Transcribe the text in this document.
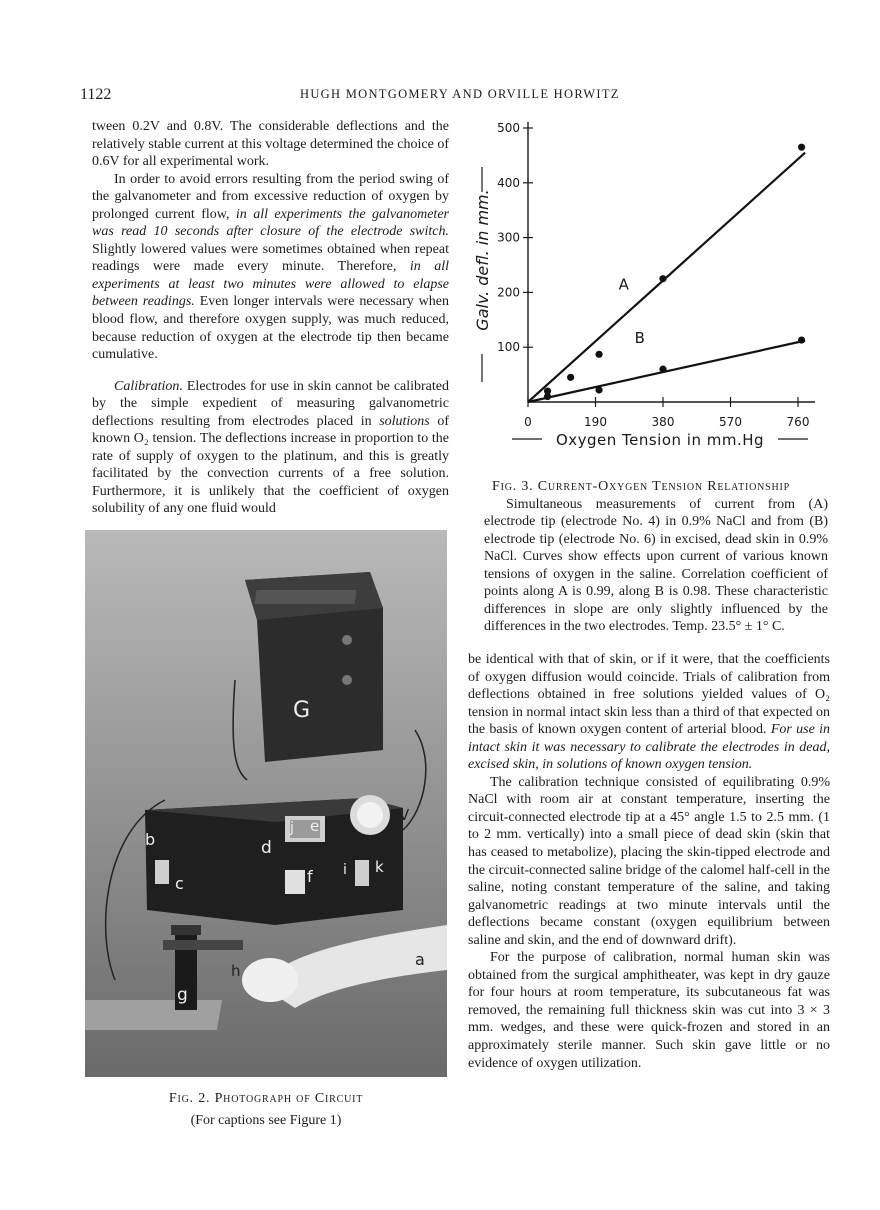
1122	HUGH MONTGOMERY AND ORVILLE HORWITZ

tween 0.2V and 0.8V. The considerable deflections and the relatively stable current at this voltage determined the choice of 0.6V for all experimental work.

In order to avoid errors resulting from the period swing of the galvanometer and from excessive reduction of oxygen by prolonged current flow, in all experiments the galvanometer was read 10 seconds after closure of the electrode switch. Slightly lowered values were sometimes obtained when repeat readings were made every minute. Therefore, in all experiments at least two minutes were allowed to elapse between readings. Even longer intervals were necessary when blood flow, and therefore oxygen supply, was much reduced, because reduction of oxygen at the electrode tip then became cumulative.

Calibration. Electrodes for use in skin cannot be calibrated by the simple expedient of measuring galvanometric deflections resulting from electrodes placed in solutions of known O₂ tension. The deflections increase in proportion to the rate of supply of oxygen to the platinum, and this is greatly facilitated by the convection currents of a free solution. Furthermore, it is unlikely that the coefficient of oxygen solubility of any one fluid would

G
b
c
d
e
f
g
h
i
j
k
a
V
Fig. 2. Photograph of Circuit
(For captions see Figure 1)
0	190	380	570	760
100
200
300
400
500
A
B
Oxygen Tension in mm.Hg
Galv. defl. in mm.
Fig. 3. Current-Oxygen Tension Relationship

Simultaneous measurements of current from (A) electrode tip (electrode No. 4) in 0.9% NaCl and from (B) electrode tip (electrode No. 6) in excised, dead skin in 0.9% NaCl. Curves show effects upon current of various known tensions of oxygen in the saline. Correlation coefficient of points along A is 0.99, along B is 0.98. These characteristic differences in slope are only slightly influenced by the differences in the two electrodes. Temp. 23.5° ± 1° C.

be identical with that of skin, or if it were, that the coefficients of oxygen diffusion would coincide. Trials of calibration from deflections obtained in free solutions yielded values of O₂ tension in normal intact skin less than a third of that expected on the basis of known oxygen content of arterial blood. For use in intact skin it was necessary to calibrate the electrodes in dead, excised skin, in solutions of known oxygen tension.

The calibration technique consisted of equilibrating 0.9% NaCl with room air at constant temperature, inserting the circuit-connected electrode tip at a 45° angle 1.5 to 2.5 mm. (1 to 2 mm. vertically) into a small piece of dead skin (skin that has ceased to metabolize), placing the skin-tipped electrode and the circuit-connected saline bridge of the calomel half-cell in the saline, noting constant temperature of the saline, and taking galvanometric readings at two minute intervals until the deflections became constant (oxygen equilibrium between saline and skin, and the end of downward drift).

For the purpose of calibration, normal human skin was obtained from the surgical amphitheater, was kept in dry gauze for four hours at room temperature, its subcutaneous fat was removed, the remaining full thickness skin was cut into 3 × 3 mm. wedges, and these were quick-frozen and stored in an approximately sterile manner. Such skin gave little or no evidence of oxygen utilization.
